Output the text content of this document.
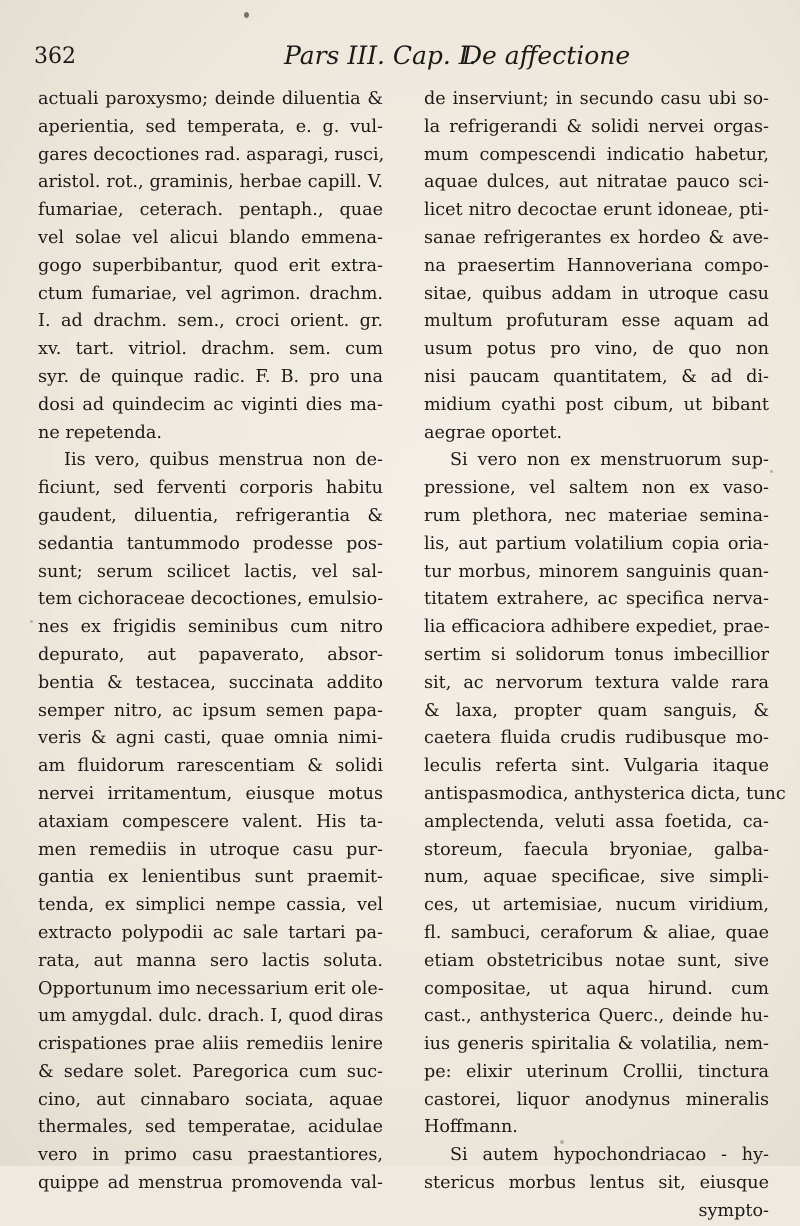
362	Pars III. Cap. I.
De affectione
actuali paroxysmo; deinde diluentia &
aperientia, sed temperata, e. g. vul-
gares decoctiones rad. asparagi, rusci,
aristol. rot., graminis, herbae capill. V.
fumariae, ceterach. pentaph., quae
vel solae vel alicui blando emmena-
gogo superbibantur, quod erit extra-
ctum fumariae, vel agrimon. drachm.
I. ad drachm. sem., croci orient. gr.
xv. tart. vitriol. drachm. sem. cum
syr. de quinque radic. F. B. pro una
dosi ad quindecim ac viginti dies ma-
ne repetenda.
Iis vero, quibus menstrua non de-
ficiunt, sed ferventi corporis habitu
gaudent, diluentia, refrigerantia &
sedantia tantummodo prodesse pos-
sunt; serum scilicet lactis, vel sal-
tem cichoraceae decoctiones, emulsio-
nes ex frigidis seminibus cum nitro
depurato, aut papaverato, absor-
bentia & testacea, succinata addito
semper nitro, ac ipsum semen papa-
veris & agni casti, quae omnia nimi-
am fluidorum rarescentiam & solidi
nervei irritamentum, eiusque motus
ataxiam compescere valent. His ta-
men remediis in utroque casu pur-
gantia ex lenientibus sunt praemit-
tenda, ex simplici nempe cassia, vel
extracto polypodii ac sale tartari pa-
rata, aut manna sero lactis soluta.
Opportunum imo necessarium erit ole-
um amygdal. dulc. drach. I, quod diras
crispationes prae aliis remediis lenire
& sedare solet. Paregorica cum suc-
cino, aut cinnabaro sociata, aquae
thermales, sed temperatae, acidulae
vero in primo casu praestantiores,
quippe ad menstrua promovenda val-
de inserviunt; in secundo casu ubi so-
la refrigerandi & solidi nervei orgas-
mum compescendi indicatio habetur,
aquae dulces, aut nitratae pauco sci-
licet nitro decoctae erunt idoneae, pti-
sanae refrigerantes ex hordeo & ave-
na praesertim Hannoveriana compo-
sitae, quibus addam in utroque casu
multum profuturam esse aquam ad
usum potus pro vino, de quo non
nisi paucam quantitatem, & ad di-
midium cyathi post cibum, ut bibant
aegrae oportet.
Si vero non ex menstruorum sup-
pressione, vel saltem non ex vaso-
rum plethora, nec materiae semina-
lis, aut partium volatilium copia oria-
tur morbus, minorem sanguinis quan-
titatem extrahere, ac specifica nerva-
lia efficaciora adhibere expediet, prae-
sertim si solidorum tonus imbecillior
sit, ac nervorum textura valde rara
& laxa, propter quam sanguis, &
caetera fluida crudis rudibusque mo-
leculis referta sint. Vulgaria itaque
antispasmodica, anthysterica dicta, tunc
amplectenda, veluti assa foetida, ca-
storeum, faecula bryoniae, galba-
num, aquae specificae, sive simpli-
ces, ut artemisiae, nucum viridium,
fl. sambuci, ceraforum & aliae, quae
etiam obstetricibus notae sunt, sive
compositae, ut aqua hirund. cum
cast., anthysterica Querc., deinde hu-
ius generis spiritalia & volatilia, nem-
pe: elixir uterinum Crollii, tinctura
castorei, liquor anodynus mineralis
Hoffmann.
Si autem hypochondriacao - hy-
stericus morbus lentus sit, eiusque
sympto-
